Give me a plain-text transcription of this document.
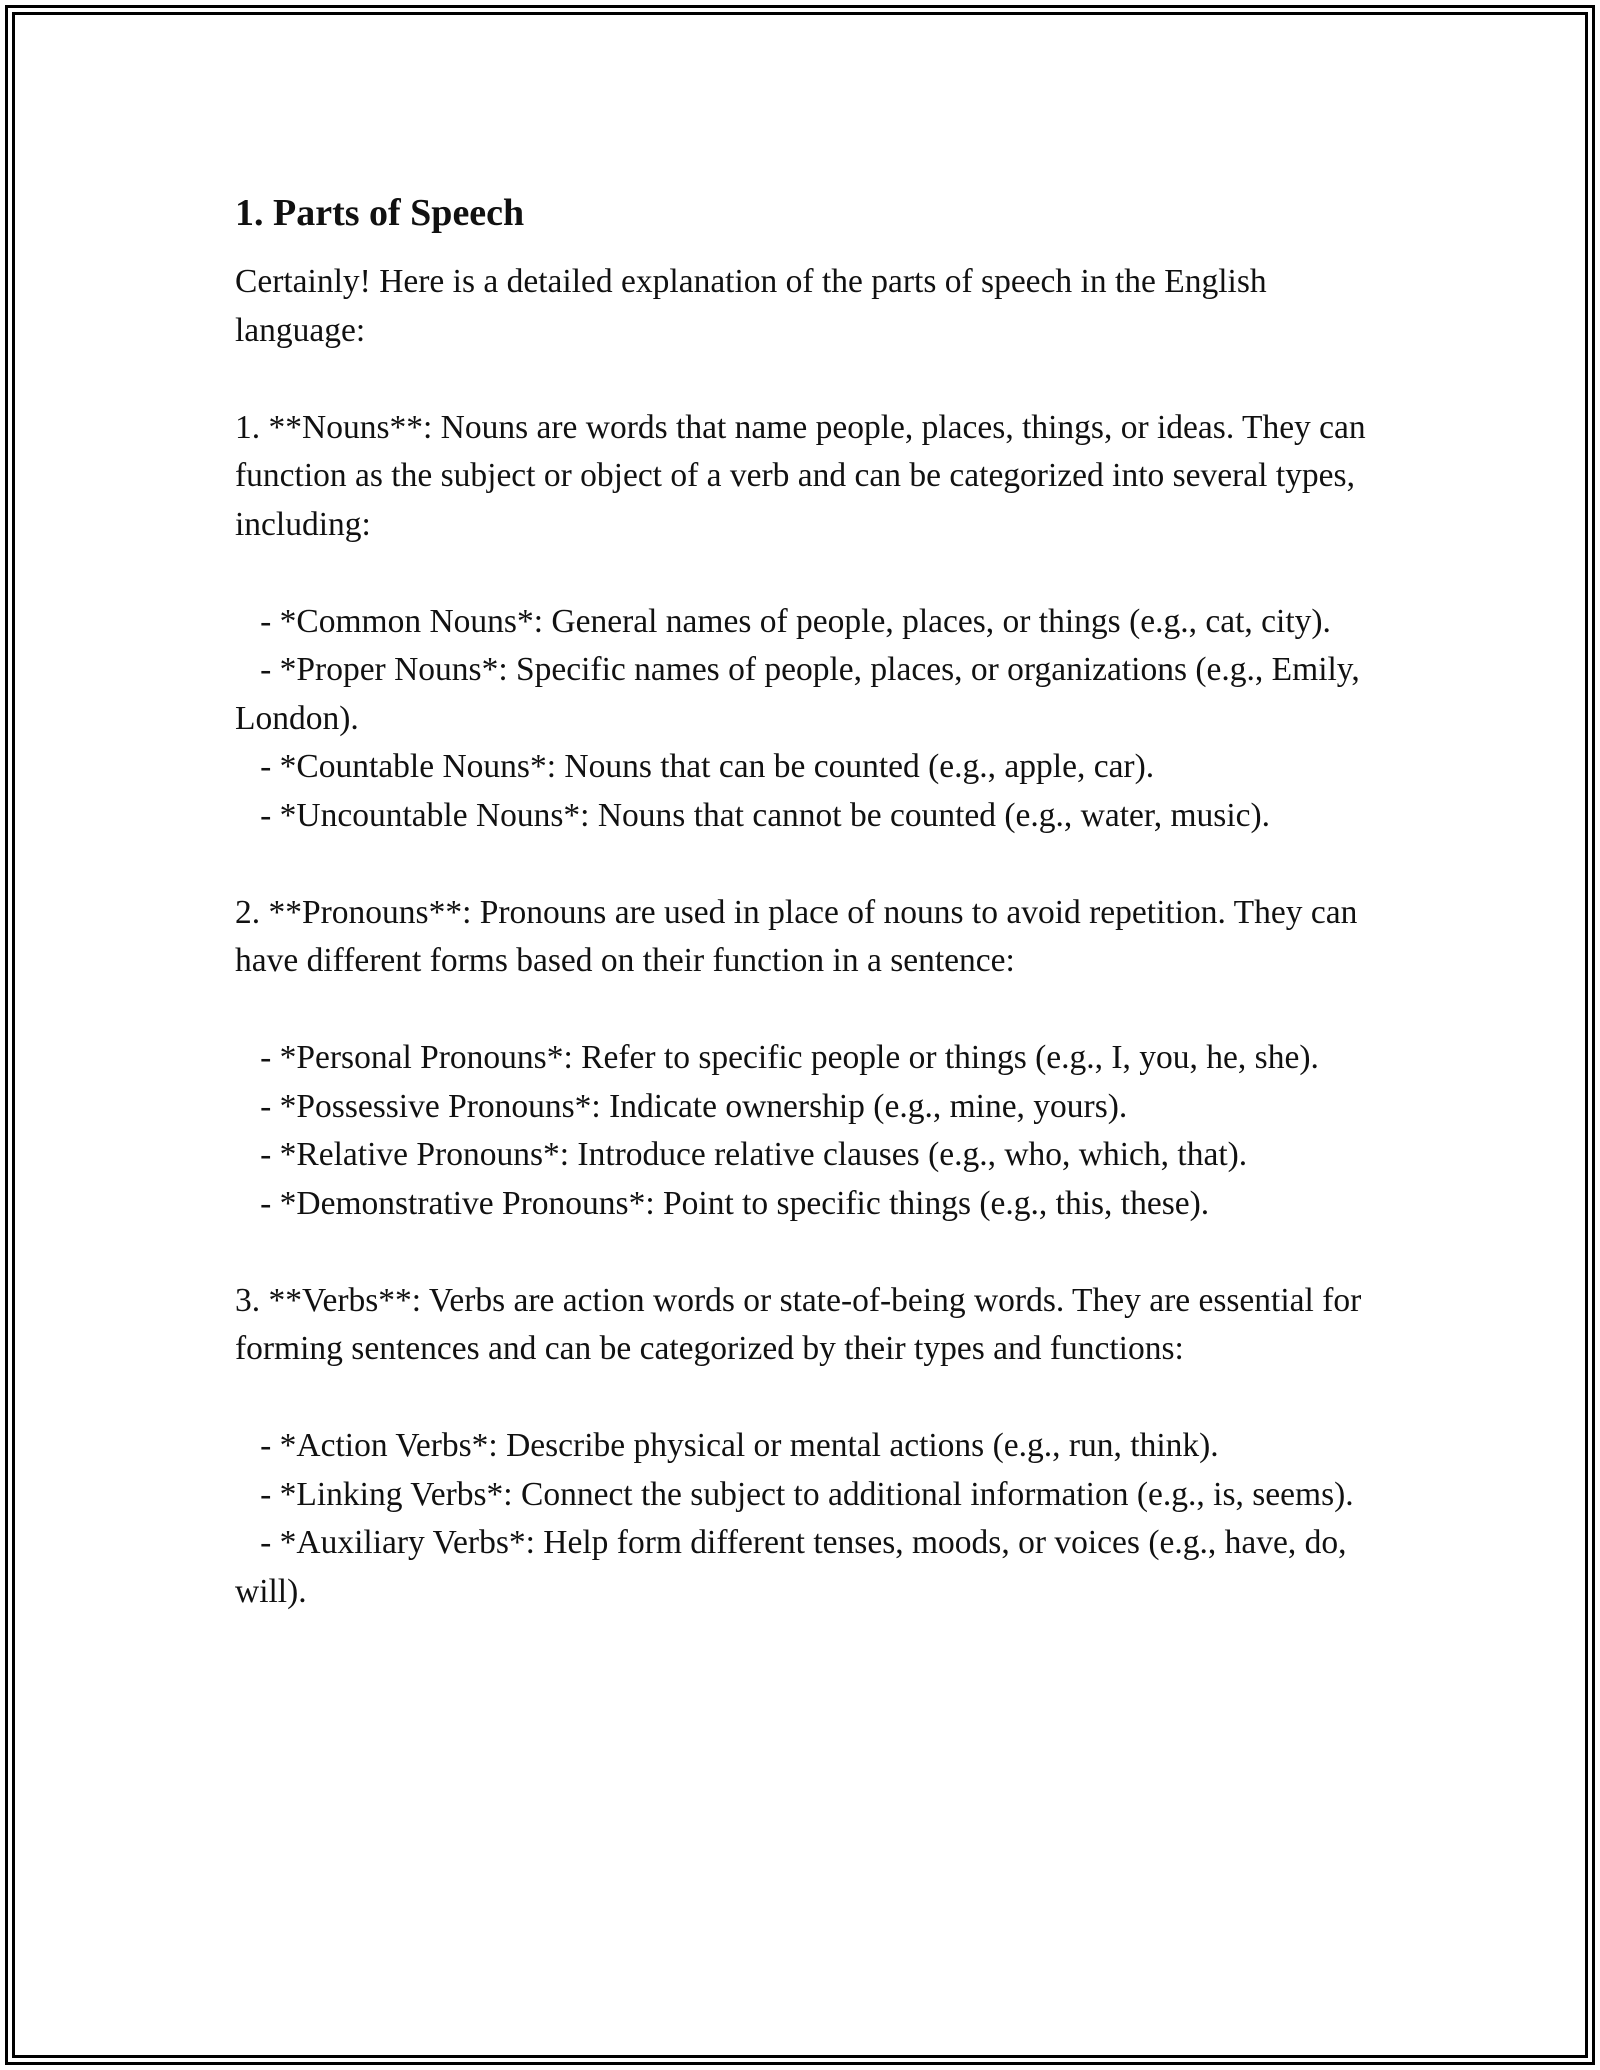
1. Parts of Speech

Certainly! Here is a detailed explanation of the parts of speech in the English language:

1. **Nouns**: Nouns are words that name people, places, things, or ideas. They can function as the subject or object of a verb and can be categorized into several types, including:

- *Common Nouns*: General names of people, places, or things (e.g., cat, city).

- *Proper Nouns*: Specific names of people, places, or organizations (e.g., Emily, London).

- *Countable Nouns*: Nouns that can be counted (e.g., apple, car).

- *Uncountable Nouns*: Nouns that cannot be counted (e.g., water, music).

2. **Pronouns**: Pronouns are used in place of nouns to avoid repetition. They can have different forms based on their function in a sentence:

- *Personal Pronouns*: Refer to specific people or things (e.g., I, you, he, she).

- *Possessive Pronouns*: Indicate ownership (e.g., mine, yours).

- *Relative Pronouns*: Introduce relative clauses (e.g., who, which, that).

- *Demonstrative Pronouns*: Point to specific things (e.g., this, these).

3. **Verbs**: Verbs are action words or state-of-being words. They are essential for forming sentences and can be categorized by their types and functions:

- *Action Verbs*: Describe physical or mental actions (e.g., run, think).

- *Linking Verbs*: Connect the subject to additional information (e.g., is, seems).

- *Auxiliary Verbs*: Help form different tenses, moods, or voices (e.g., have, do, will).
